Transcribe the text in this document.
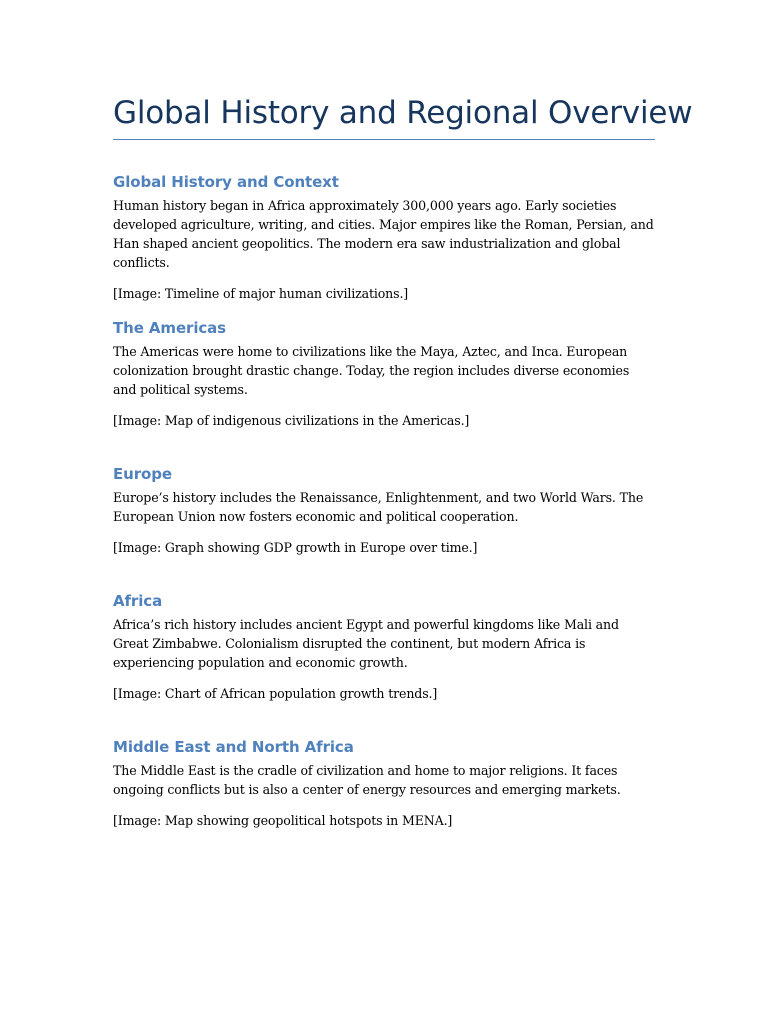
Global History and Regional Overview
Global History and Context

Human history began in Africa approximately 300,000 years ago. Early societies developed agriculture, writing, and cities. Major empires like the Roman, Persian, and Han shaped ancient geopolitics. The modern era saw industrialization and global conflicts.

[Image: Timeline of major human civilizations.]

The Americas

The Americas were home to civilizations like the Maya, Aztec, and Inca. European colonization brought drastic change. Today, the region includes diverse economies and political systems.

[Image: Map of indigenous civilizations in the Americas.]

Europe

Europe’s history includes the Renaissance, Enlightenment, and two World Wars. The European Union now fosters economic and political cooperation.

[Image: Graph showing GDP growth in Europe over time.]

Africa

Africa’s rich history includes ancient Egypt and powerful kingdoms like Mali and Great Zimbabwe. Colonialism disrupted the continent, but modern Africa is experiencing population and economic growth.

[Image: Chart of African population growth trends.]

Middle East and North Africa

The Middle East is the cradle of civilization and home to major religions. It faces ongoing conflicts but is also a center of energy resources and emerging markets.

[Image: Map showing geopolitical hotspots in MENA.]
